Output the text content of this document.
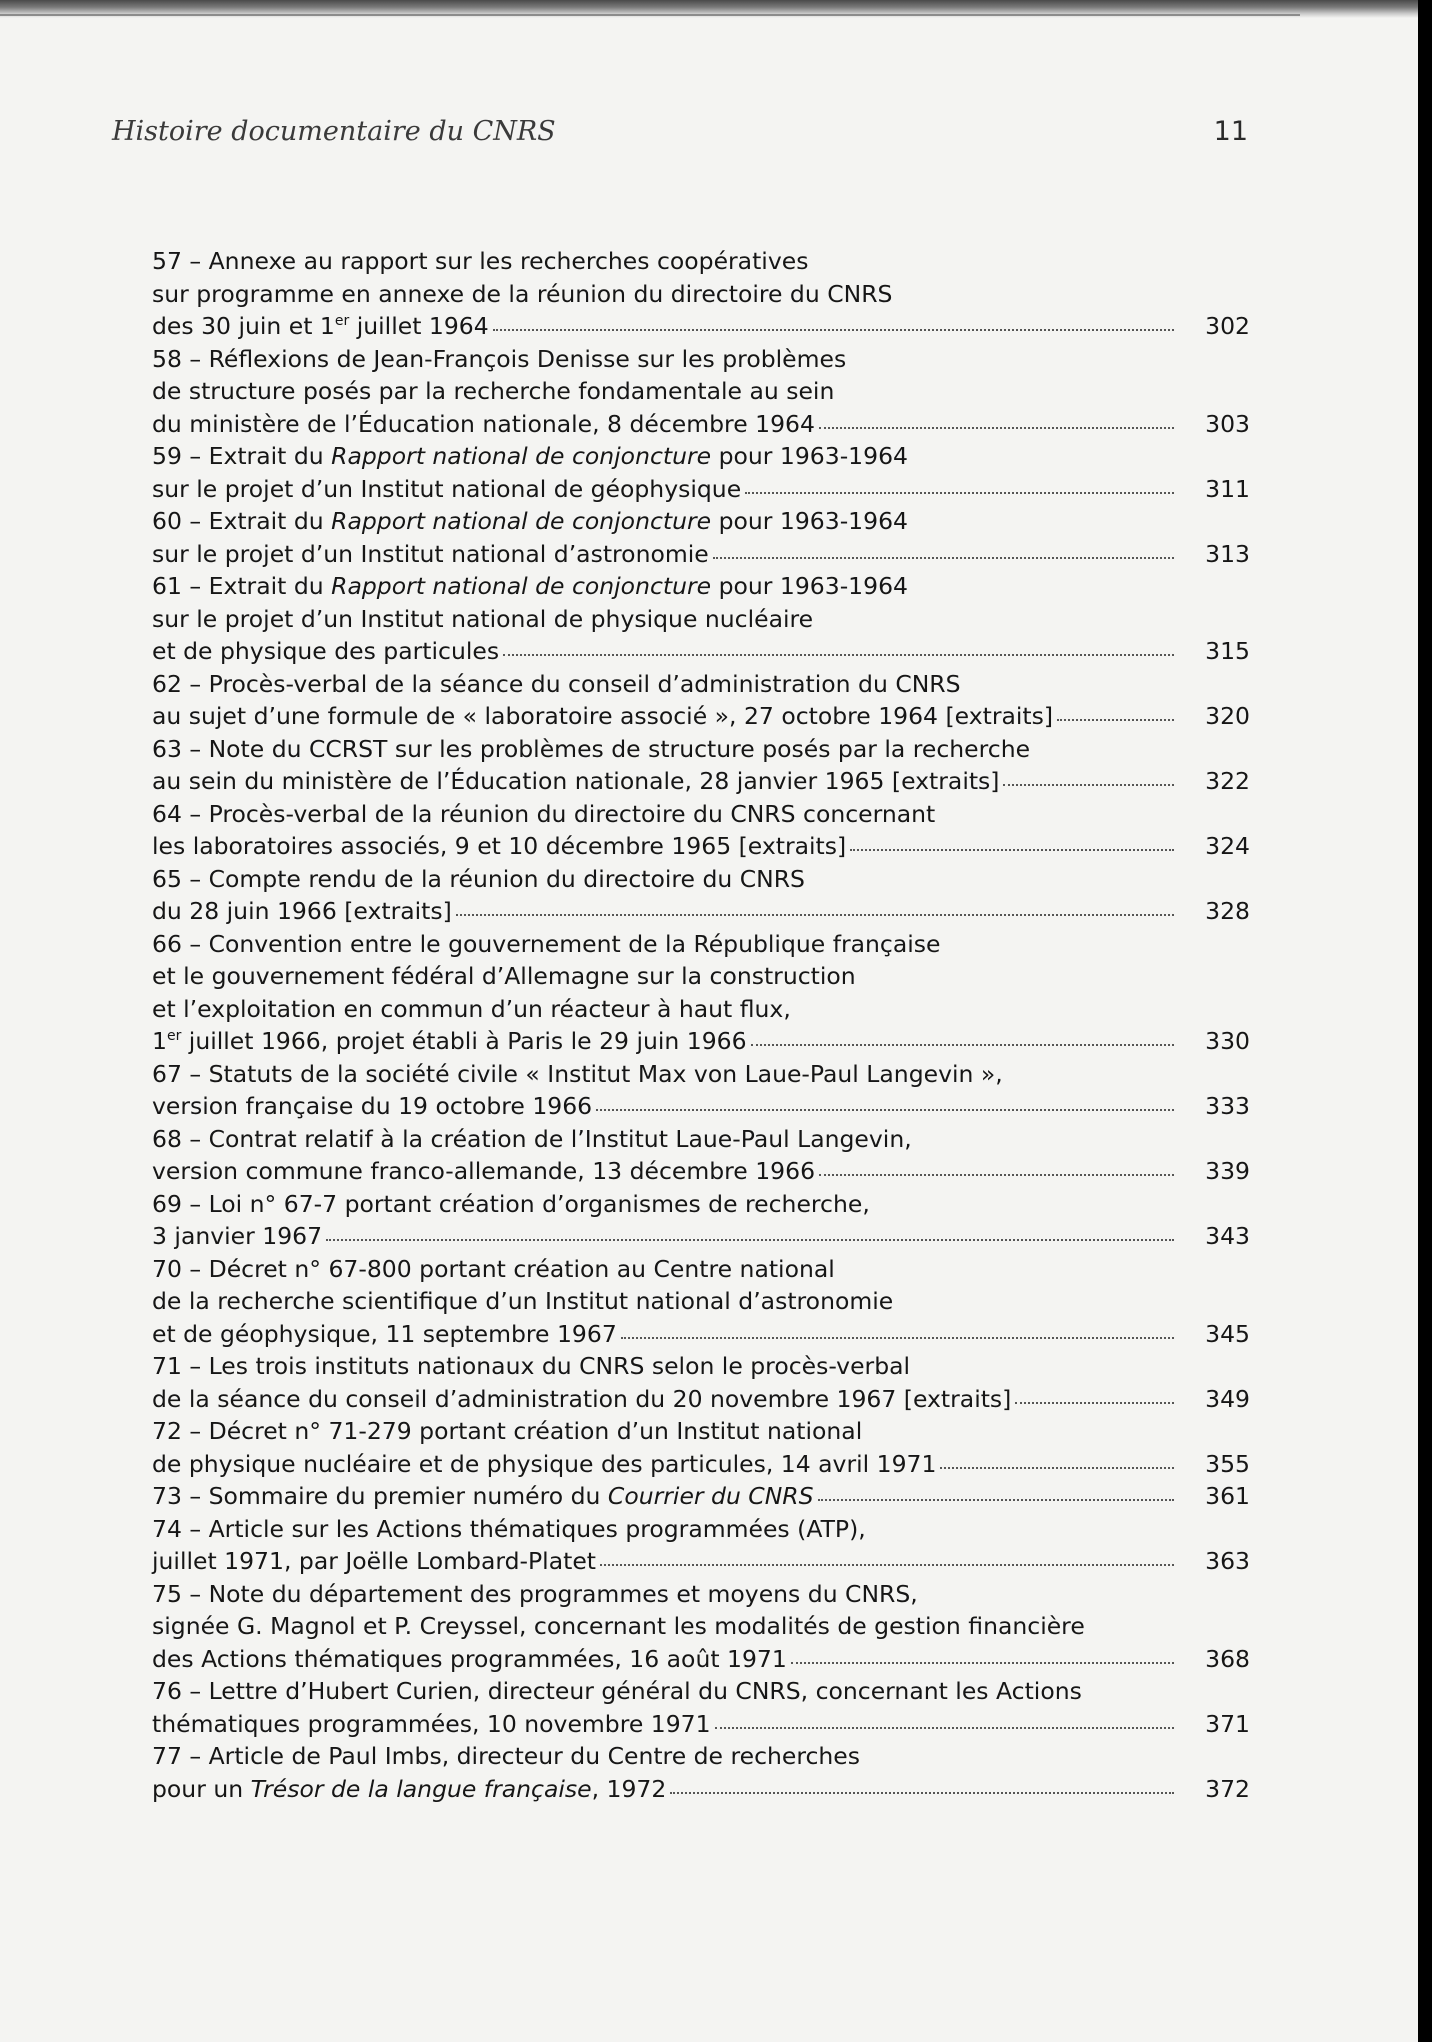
Histoire documentaire du CNRS	11
57 – Annexe au rapport sur les recherches coopératives
sur programme en annexe de la réunion du directoire du CNRS
des 30 juin et 1er juillet 1964	302
58 – Réflexions de Jean-François Denisse sur les problèmes
de structure posés par la recherche fondamentale au sein
du ministère de l’Éducation nationale, 8 décembre 1964	303
59 – Extrait du Rapport national de conjoncture pour 1963-1964
sur le projet d’un Institut national de géophysique	311
60 – Extrait du Rapport national de conjoncture pour 1963-1964
sur le projet d’un Institut national d’astronomie	313
61 – Extrait du Rapport national de conjoncture pour 1963-1964
sur le projet d’un Institut national de physique nucléaire
et de physique des particules	315
62 – Procès-verbal de la séance du conseil d’administration du CNRS
au sujet d’une formule de « laboratoire associé », 27 octobre 1964 [extraits]	320
63 – Note du CCRST sur les problèmes de structure posés par la recherche
au sein du ministère de l’Éducation nationale, 28 janvier 1965 [extraits]	322
64 – Procès-verbal de la réunion du directoire du CNRS concernant
les laboratoires associés, 9 et 10 décembre 1965 [extraits]	324
65 – Compte rendu de la réunion du directoire du CNRS
du 28 juin 1966 [extraits]	328
66 – Convention entre le gouvernement de la République française
et le gouvernement fédéral d’Allemagne sur la construction
et l’exploitation en commun d’un réacteur à haut flux,
1er juillet 1966, projet établi à Paris le 29 juin 1966	330
67 – Statuts de la société civile « Institut Max von Laue-Paul Langevin »,
version française du 19 octobre 1966	333
68 – Contrat relatif à la création de l’Institut Laue-Paul Langevin,
version commune franco-allemande, 13 décembre 1966	339
69 – Loi n° 67-7 portant création d’organismes de recherche,
3 janvier 1967	343
70 – Décret n° 67-800 portant création au Centre national
de la recherche scientifique d’un Institut national d’astronomie
et de géophysique, 11 septembre 1967	345
71 – Les trois instituts nationaux du CNRS selon le procès-verbal
de la séance du conseil d’administration du 20 novembre 1967 [extraits]	349
72 – Décret n° 71-279 portant création d’un Institut national
de physique nucléaire et de physique des particules, 14 avril 1971	355
73 – Sommaire du premier numéro du Courrier du CNRS	361
74 – Article sur les Actions thématiques programmées (ATP),
juillet 1971, par Joëlle Lombard-Platet	363
75 – Note du département des programmes et moyens du CNRS,
signée G. Magnol et P. Creyssel, concernant les modalités de gestion financière
des Actions thématiques programmées, 16 août 1971	368
76 – Lettre d’Hubert Curien, directeur général du CNRS, concernant les Actions
thématiques programmées, 10 novembre 1971	371
77 – Article de Paul Imbs, directeur du Centre de recherches
pour un Trésor de la langue française, 1972	372
